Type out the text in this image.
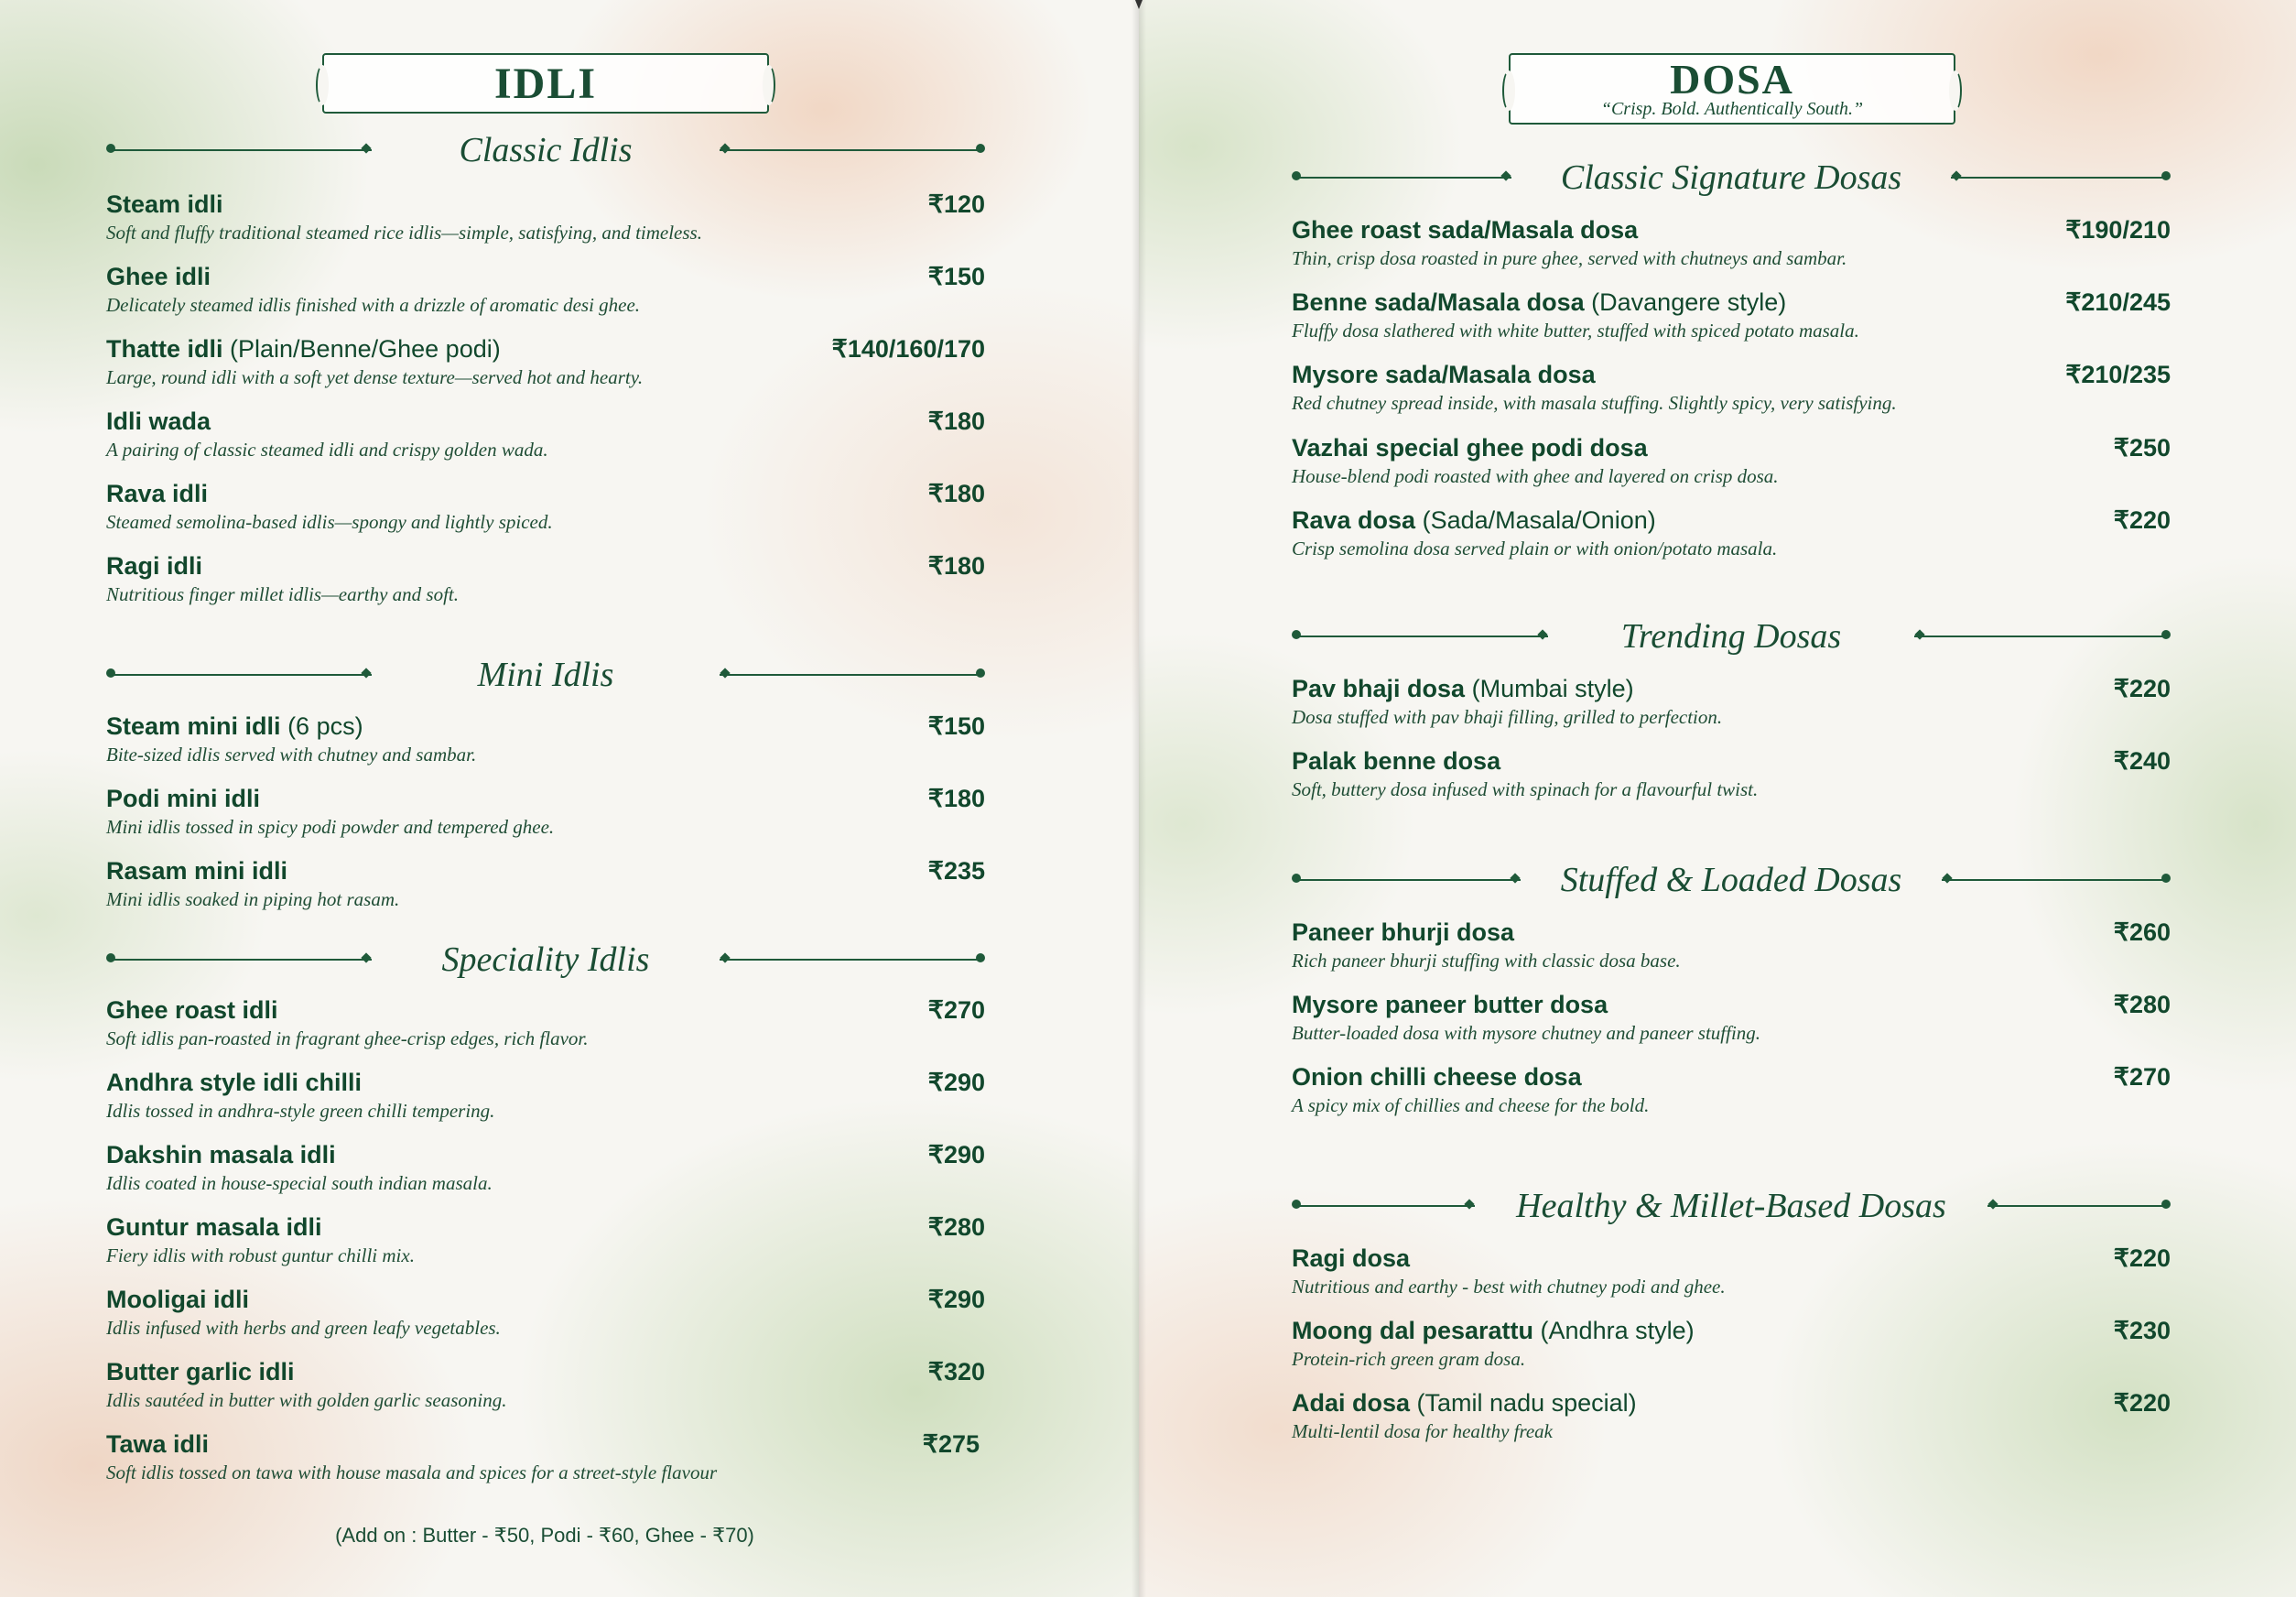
IDLI
Classic Idlis
Steam idli	₹120
Soft and fluffy traditional steamed rice idlis—simple, satisfying, and timeless.
Ghee idli	₹150
Delicately steamed idlis finished with a drizzle of aromatic desi ghee.
Thatte idli (Plain/Benne/Ghee podi)	₹140/160/170
Large, round idli with a soft yet dense texture—served hot and hearty.
Idli wada	₹180
A pairing of classic steamed idli and crispy golden wada.
Rava idli	₹180
Steamed semolina-based idlis—spongy and lightly spiced.
Ragi idli	₹180
Nutritious finger millet idlis—earthy and soft.
Mini Idlis
Steam mini idli (6 pcs)	₹150
Bite-sized idlis served with chutney and sambar.
Podi mini idli	₹180
Mini idlis tossed in spicy podi powder and tempered ghee.
Rasam mini idli	₹235
Mini idlis soaked in piping hot rasam.
Speciality Idlis
Ghee roast idli	₹270
Soft idlis pan-roasted in fragrant ghee-crisp edges, rich flavor.
Andhra style idli chilli	₹290
Idlis tossed in andhra-style green chilli tempering.
Dakshin masala idli	₹290
Idlis coated in house-special south indian masala.
Guntur masala idli	₹280
Fiery idlis with robust guntur chilli mix.
Mooligai idli	₹290
Idlis infused with herbs and green leafy vegetables.
Butter garlic idli	₹320
Idlis sautéed in butter with golden garlic seasoning.
Tawa idli	₹275
Soft idlis tossed on tawa with house masala and spices for a street-style flavour
(Add on : Butter - ₹50, Podi - ₹60, Ghee - ₹70)
DOSA
“Crisp. Bold. Authentically South.”
Classic Signature Dosas
Ghee roast sada/Masala dosa	₹190/210
Thin, crisp dosa roasted in pure ghee, served with chutneys and sambar.
Benne sada/Masala dosa (Davangere style)	₹210/245
Fluffy dosa slathered with white butter, stuffed with spiced potato masala.
Mysore sada/Masala dosa	₹210/235
Red chutney spread inside, with masala stuffing. Slightly spicy, very satisfying.
Vazhai special ghee podi dosa	₹250
House-blend podi roasted with ghee and layered on crisp dosa.
Rava dosa (Sada/Masala/Onion)	₹220
Crisp semolina dosa served plain or with onion/potato masala.
Trending Dosas
Pav bhaji dosa (Mumbai style)	₹220
Dosa stuffed with pav bhaji filling, grilled to perfection.
Palak benne dosa	₹240
Soft, buttery dosa infused with spinach for a flavourful twist.
Stuffed & Loaded Dosas
Paneer bhurji dosa	₹260
Rich paneer bhurji stuffing with classic dosa base.
Mysore paneer butter dosa	₹280
Butter-loaded dosa with mysore chutney and paneer stuffing.
Onion chilli cheese dosa	₹270
A spicy mix of chillies and cheese for the bold.
Healthy & Millet-Based Dosas
Ragi dosa	₹220
Nutritious and earthy - best with chutney podi and ghee.
Moong dal pesarattu (Andhra style)	₹230
Protein-rich green gram dosa.
Adai dosa (Tamil nadu special)	₹220
Multi-lentil dosa for healthy freak
